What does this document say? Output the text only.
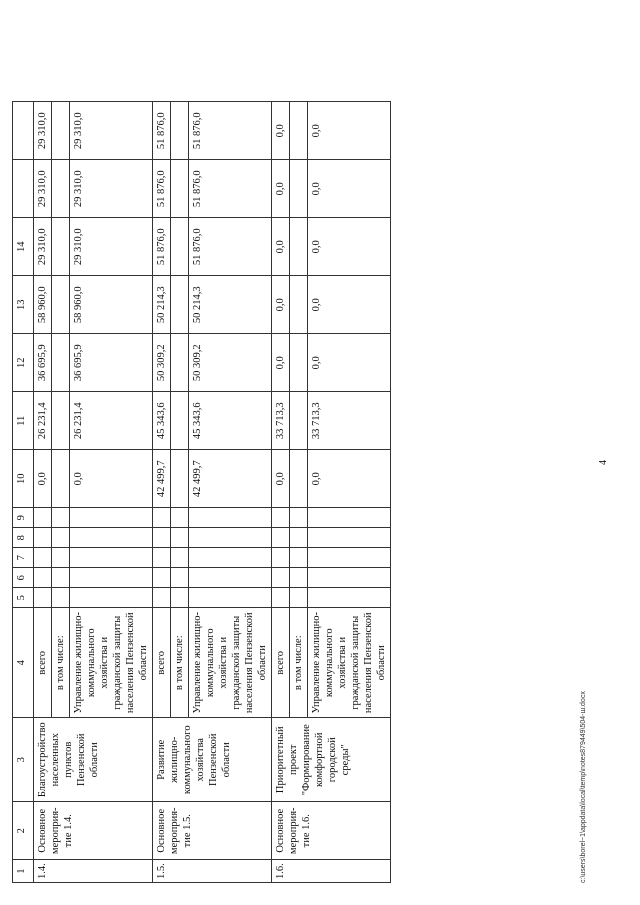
4
1	2	3	4	5	6	7	8	9	10	11	12	13	14		
1.4.	Основное мероприя-тие 1.4.	Благоустройство населенных пунктов Пензенской области	всего						0,0	26 231,4	36 695,9	58 960,0	29 310,0	29 310,0	29 310,0
			в том числе:												
			Управление жилищно-коммунального хозяйства и гражданской защиты населения Пензенской области						0,0	26 231,4	36 695,9	58 960,0	29 310,0	29 310,0	29 310,0
1.5.	Основное мероприя-тие 1.5.	Развитие жилищно-коммунального хозяйства Пензенской области	всего						42 499,7	45 343,6	50 309,2	50 214,3	51 876,0	51 876,0	51 876,0
			в том числе:												
			Управление жилищно-коммунального хозяйства и гражданской защиты населения Пензенской области						42 499,7	45 343,6	50 309,2	50 214,3	51 876,0	51 876,0	51 876,0
1.6.	Основное мероприя-тие 1.6.	Приоритетный проект "Формирование комфортной городской среды"	всего						0,0	33 713,3	0,0	0,0	0,0	0,0	0,0
			в том числе:												
			Управление жилищно-коммунального хозяйства и гражданской защиты населения Пензенской области						0,0	33 713,3	0,0	0,0	0,0	0,0	0,0
c:\users\borel~1\appdata\local\temp\notes879449\504-ш.docx
